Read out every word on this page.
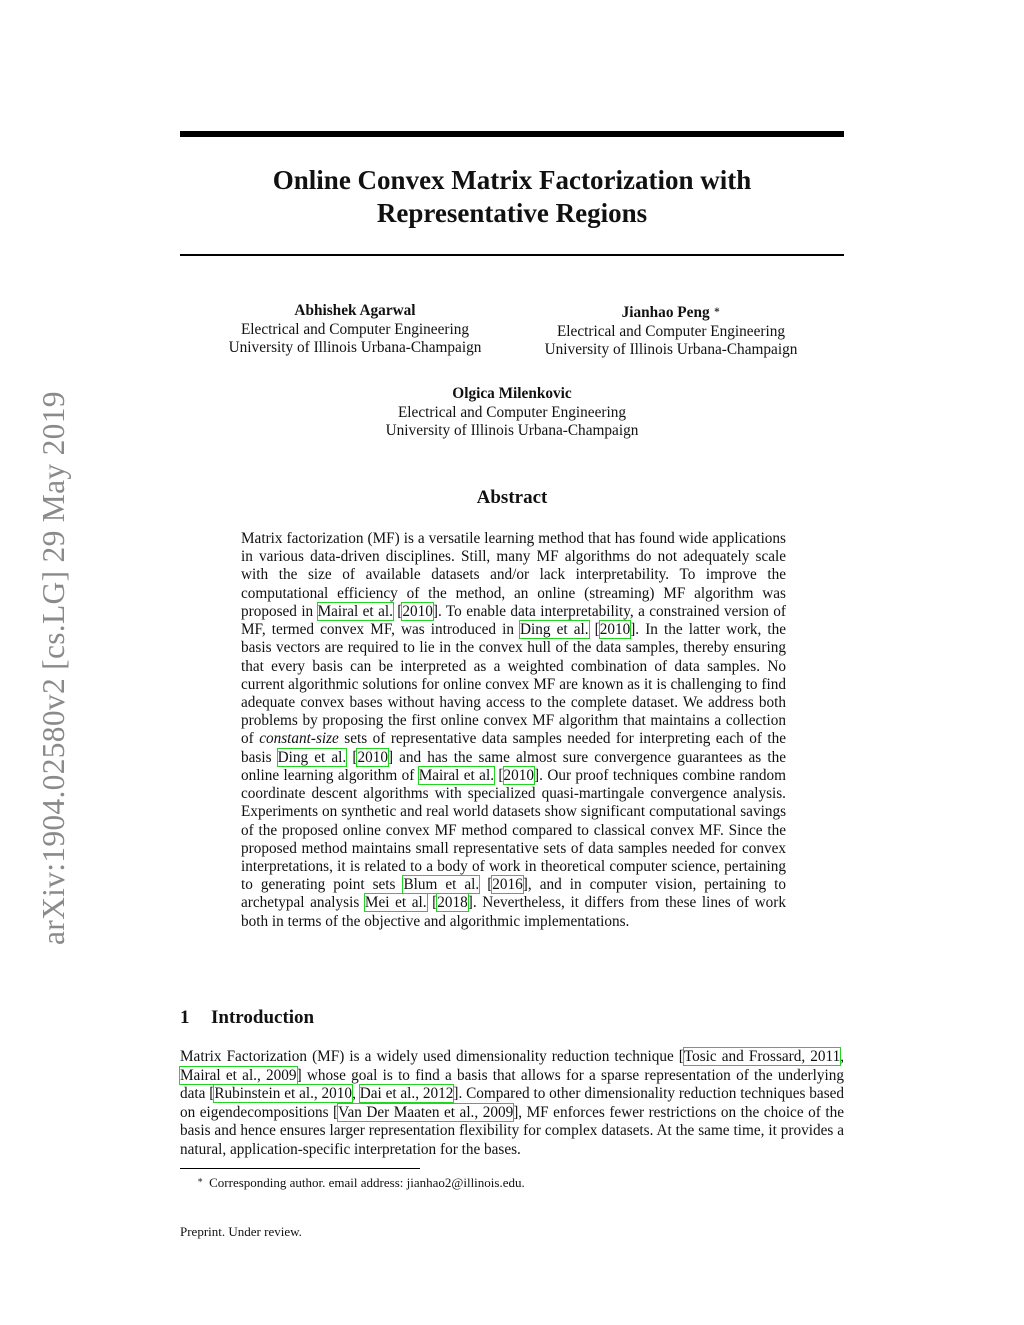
arXiv:1904.02580v2 [cs.LG] 29 May 2019
Online Convex Matrix Factorization with
Representative Regions
Abhishek Agarwal
Electrical and Computer Engineering
University of Illinois Urbana-Champaign
Jianhao Peng ∗
Electrical and Computer Engineering
University of Illinois Urbana-Champaign
Olgica Milenkovic
Electrical and Computer Engineering
University of Illinois Urbana-Champaign
Abstract

Matrix factorization (MF) is a versatile learning method that has found wide applications in various data-driven disciplines. Still, many MF algorithms do not adequately scale with the size of available datasets and/or lack interpretability. To improve the computational efficiency of the method, an online (streaming) MF algorithm was proposed in Mairal et al. [2010]. To enable data interpretability, a constrained version of MF, termed convex MF, was introduced in Ding et al. [2010]. In the latter work, the basis vectors are required to lie in the convex hull of the data samples, thereby ensuring that every basis can be interpreted as a weighted combination of data samples. No current algorithmic solutions for online convex MF are known as it is challenging to find adequate convex bases without having access to the complete dataset. We address both problems by proposing the first online convex MF algorithm that maintains a collection of constant-size sets of representative data samples needed for interpreting each of the basis Ding et al. [2010] and has the same almost sure convergence guarantees as the online learning algorithm of Mairal et al. [2010]. Our proof techniques combine random coordinate descent algorithms with specialized quasi-martingale convergence analysis. Experiments on synthetic and real world datasets show significant computational savings of the proposed online convex MF method compared to classical convex MF. Since the proposed method maintains small representative sets of data samples needed for convex interpretations, it is related to a body of work in theoretical computer science, pertaining to generating point sets Blum et al. [2016], and in computer vision, pertaining to archetypal analysis Mei et al. [2018]. Nevertheless, it differs from these lines of work both in terms of the objective and algorithmic implementations.

1 Introduction

Matrix Factorization (MF) is a widely used dimensionality reduction technique [Tosic and Frossard, 2011, Mairal et al., 2009] whose goal is to find a basis that allows for a sparse representation of the underlying data [Rubinstein et al., 2010, Dai et al., 2012]. Compared to other dimensionality reduction techniques based on eigendecompositions [Van Der Maaten et al., 2009], MF enforces fewer restrictions on the choice of the basis and hence ensures larger representation flexibility for complex datasets. At the same time, it provides a natural, application-specific interpretation for the bases.

∗ Corresponding author. email address: jianhao2@illinois.edu.

Preprint. Under review.
